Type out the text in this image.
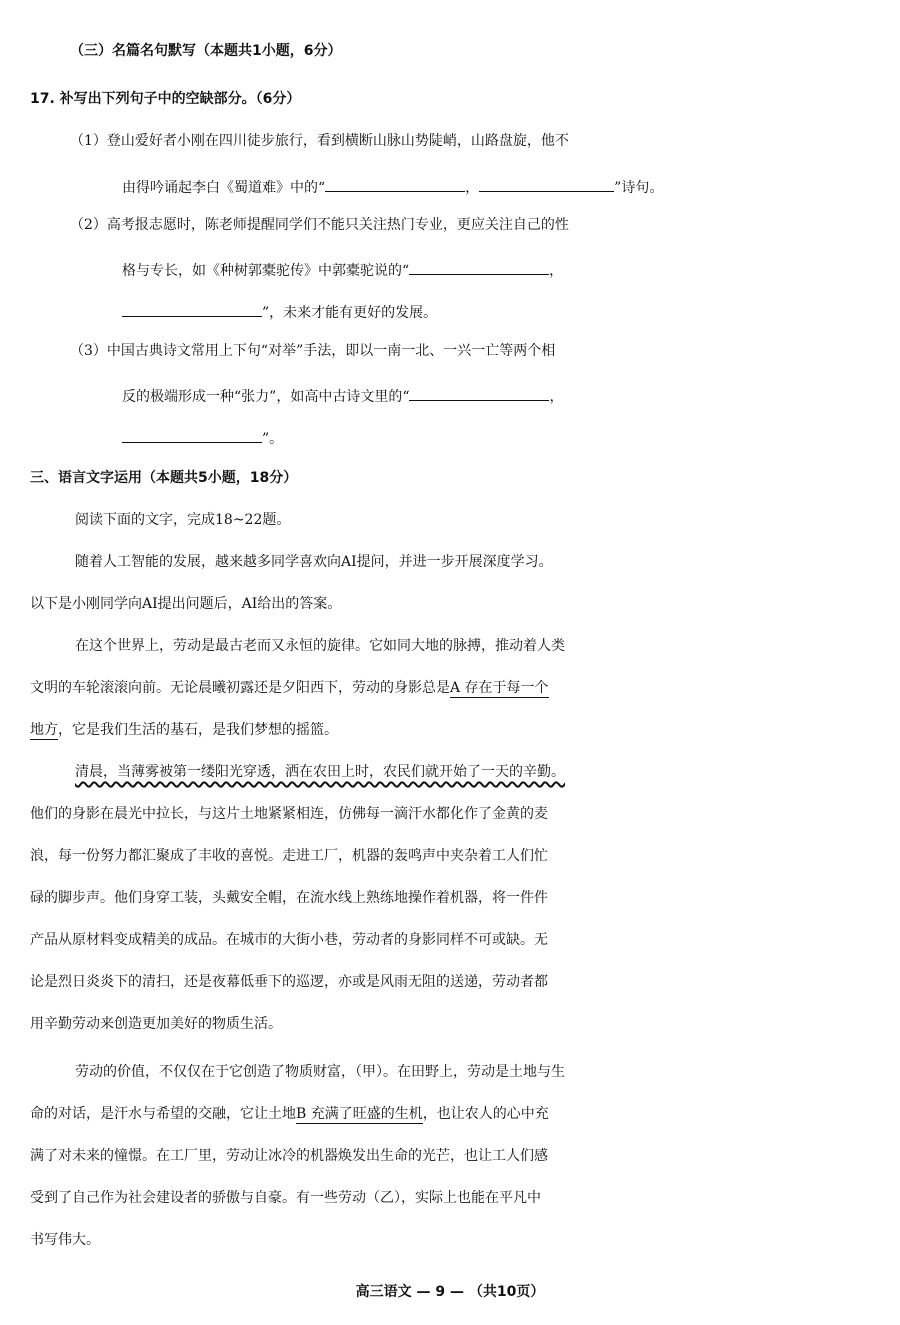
（三）名篇名句默写（本题共1小题，6分）
17. 补写出下列句子中的空缺部分。（6分）
（1）登山爱好者小刚在四川徒步旅行，看到横断山脉山势陡峭，山路盘旋，他不
由得吟诵起李白《蜀道难》中的“	，	”诗句。
（2）高考报志愿时，陈老师提醒同学们不能只关注热门专业，更应关注自己的性
格与专长，如《种树郭橐驼传》中郭橐驼说的“	，
”，未来才能有更好的发展。
（3）中国古典诗文常用上下句“对举”手法，即以一南一北、一兴一亡等两个相
反的极端形成一种“张力”，如高中古诗文里的“	，
”。
三、语言文字运用（本题共5小题，18分）
阅读下面的文字，完成18~22题。
随着人工智能的发展，越来越多同学喜欢向AI提问，并进一步开展深度学习。
以下是小刚同学向AI提出问题后，AI给出的答案。
在这个世界上，劳动是最古老而又永恒的旋律。它如同大地的脉搏，推动着人类
文明的车轮滚滚向前。无论晨曦初露还是夕阳西下，劳动的身影总是A 存在于每一个
地方，它是我们生活的基石，是我们梦想的摇篮。
清晨，当薄雾被第一缕阳光穿透，洒在农田上时，农民们就开始了一天的辛勤。
他们的身影在晨光中拉长，与这片土地紧紧相连，仿佛每一滴汗水都化作了金黄的麦
浪，每一份努力都汇聚成了丰收的喜悦。走进工厂，机器的轰鸣声中夹杂着工人们忙
碌的脚步声。他们身穿工装，头戴安全帽，在流水线上熟练地操作着机器，将一件件
产品从原材料变成精美的成品。在城市的大街小巷，劳动者的身影同样不可或缺。无
论是烈日炎炎下的清扫，还是夜幕低垂下的巡逻，亦或是风雨无阻的送递，劳动者都
用辛勤劳动来创造更加美好的物质生活。
劳动的价值，不仅仅在于它创造了物质财富，（甲）。在田野上，劳动是土地与生
命的对话，是汗水与希望的交融，它让土地B 充满了旺盛的生机，也让农人的心中充
满了对未来的憧憬。在工厂里，劳动让冰冷的机器焕发出生命的光芒，也让工人们感
受到了自己作为社会建设者的骄傲与自豪。有一些劳动（乙），实际上也能在平凡中
书写伟大。
高三语文 — 9 — （共10页）
